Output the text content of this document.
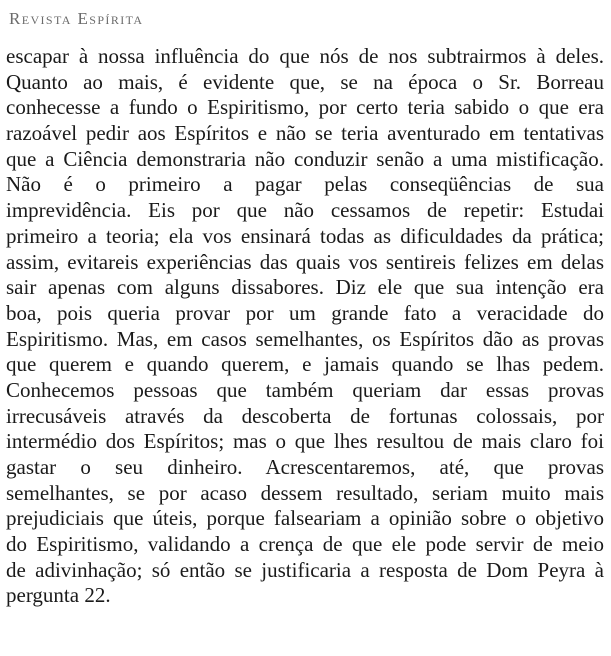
Revista Espírita
escapar à nossa influência do que nós de nos subtrairmos à deles.
Quanto ao mais, é evidente que, se na época o Sr. Borreau
conhecesse a fundo o Espiritismo, por certo teria sabido o que era
razoável pedir aos Espíritos e não se teria aventurado em tentativas
que a Ciência demonstraria não conduzir senão a uma mistificação.
Não é o primeiro a pagar pelas conseqüências de sua
imprevidência. Eis por que não cessamos de repetir: Estudai
primeiro a teoria; ela vos ensinará todas as dificuldades da prática;
assim, evitareis experiências das quais vos sentireis felizes em delas
sair apenas com alguns dissabores. Diz ele que sua intenção era
boa, pois queria provar por um grande fato a veracidade do
Espiritismo. Mas, em casos semelhantes, os Espíritos dão as provas
que querem e quando querem, e jamais quando se lhas pedem.
Conhecemos pessoas que também queriam dar essas provas
irrecusáveis através da descoberta de fortunas colossais, por
intermédio dos Espíritos; mas o que lhes resultou de mais claro foi
gastar o seu dinheiro. Acrescentaremos, até, que provas
semelhantes, se por acaso dessem resultado, seriam muito mais
prejudiciais que úteis, porque falseariam a opinião sobre o objetivo
do Espiritismo, validando a crença de que ele pode servir de meio
de adivinhação; só então se justificaria a resposta de Dom Peyra à
pergunta 22.
